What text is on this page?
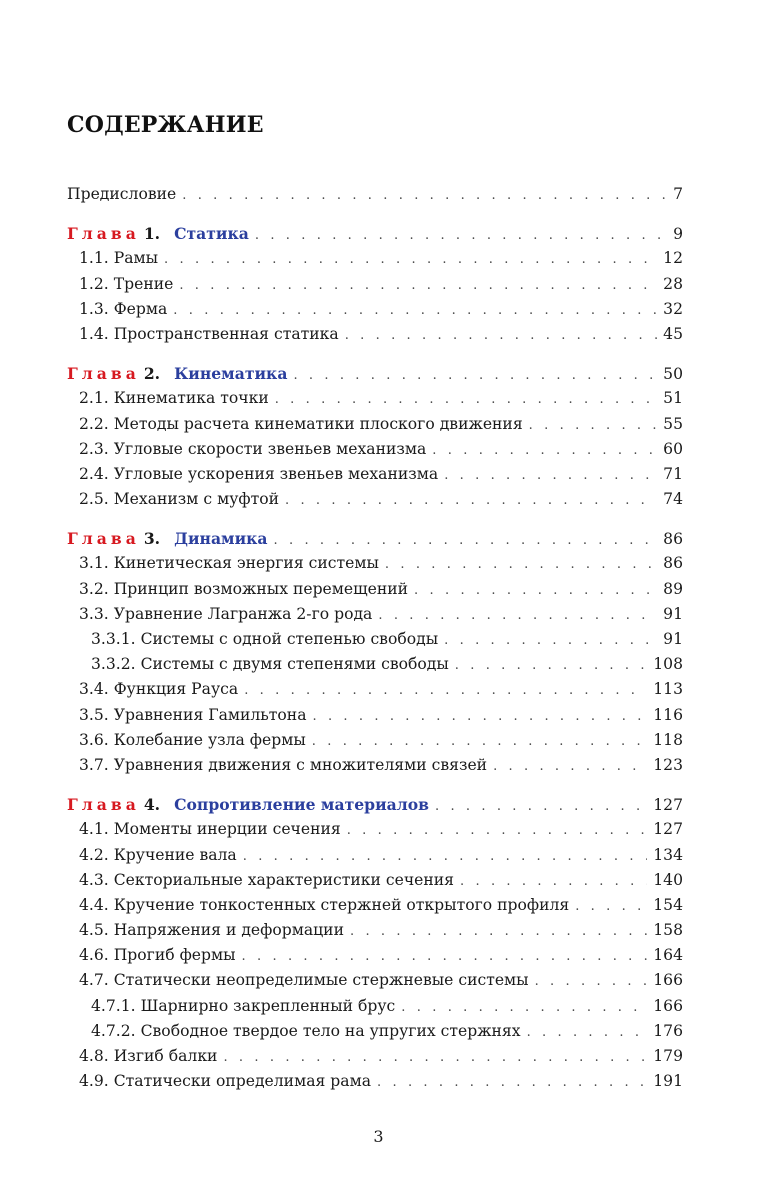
СОДЕРЖАНИЕ
Предисловие . . .	7
Глава 1. Статика . . .	9
1.1. Рамы . . .	12
1.2. Трение . . .	28
1.3. Ферма . . .	32
1.4. Пространственная статика . . .	45
Глава 2. Кинематика . . .	50
2.1. Кинематика точки . . .	51
2.2. Методы расчета кинематики плоского движения . . .	55
2.3. Угловые скорости звеньев механизма . . .	60
2.4. Угловые ускорения звеньев механизма . . .	71
2.5. Механизм с муфтой . . .	74
Глава 3. Динамика . . .	86
3.1. Кинетическая энергия системы . . .	86
3.2. Принцип возможных перемещений . . .	89
3.3. Уравнение Лагранжа 2-го рода . . .	91
3.3.1. Системы с одной степенью свободы . . .	91
3.3.2. Системы с двумя степенями свободы . . .	108
3.4. Функция Рауса . . .	113
3.5. Уравнения Гамильтона . . .	116
3.6. Колебание узла фермы . . .	118
3.7. Уравнения движения с множителями связей . . .	123
Глава 4. Сопротивление материалов . . .	127
4.1. Моменты инерции сечения . . .	127
4.2. Кручение вала . . .	134
4.3. Секториальные характеристики сечения . . .	140
4.4. Кручение тонкостенных стержней открытого профиля . . .	154
4.5. Напряжения и деформации . . .	158
4.6. Прогиб фермы . . .	164
4.7. Статически неопределимые стержневые системы . . .	166
4.7.1. Шарнирно закрепленный брус . . .	166
4.7.2. Свободное твердое тело на упругих стержнях . . .	176
4.8. Изгиб балки . . .	179
4.9. Статически определимая рама . . .	191
3
